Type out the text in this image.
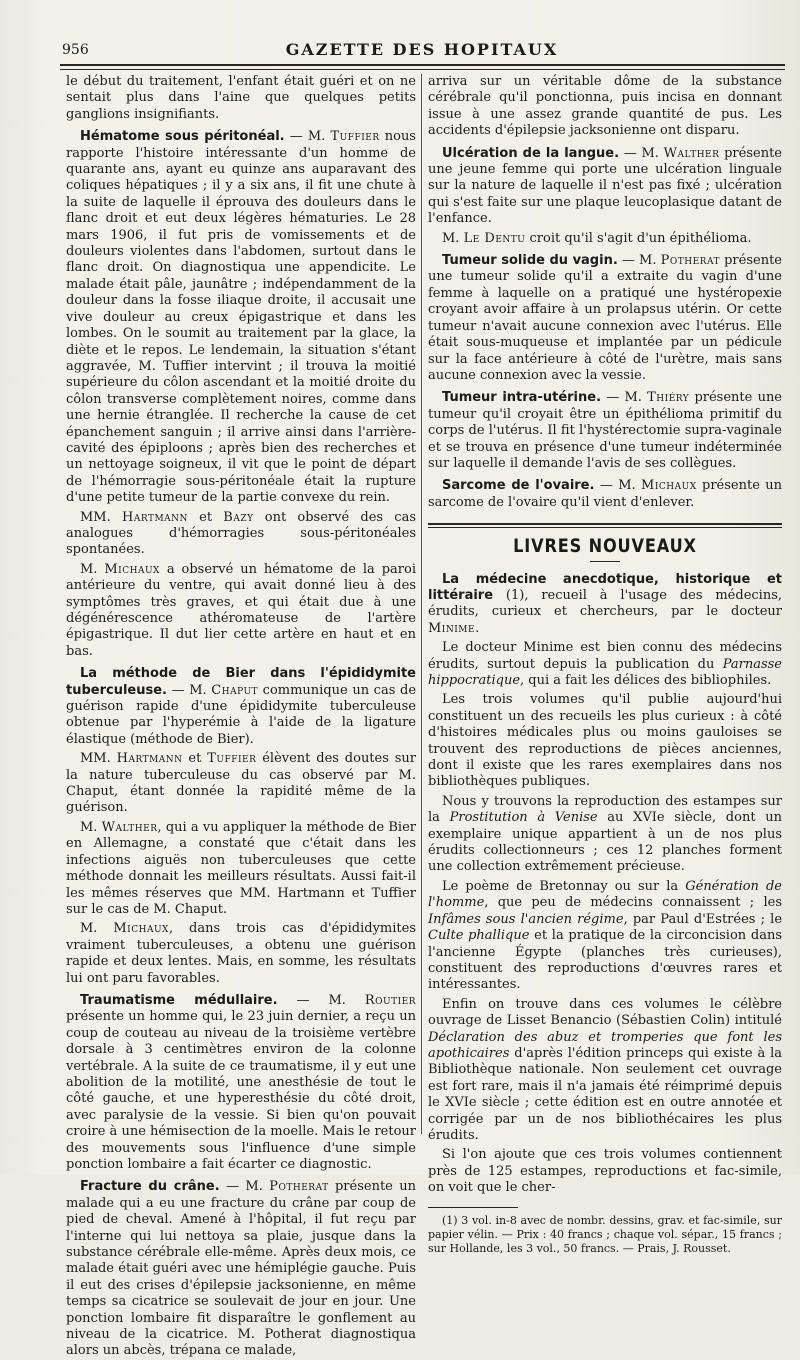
956	GAZETTE DES HOPITAUX

le début du traitement, l'enfant était guéri et on ne sentait plus dans l'aine que quelques petits ganglions insignifiants.

Hématome sous péritonéal. — M. Tuffier nous rapporte l'histoire intéressante d'un homme de quarante ans, ayant eu quinze ans auparavant des coliques hépatiques ; il y a six ans, il fit une chute à la suite de laquelle il éprouva des douleurs dans le flanc droit et eut deux légères hématuries. Le 28 mars 1906, il fut pris de vomissements et de douleurs violentes dans l'abdomen, surtout dans le flanc droit. On diagnostiqua une appendicite. Le malade était pâle, jaunâtre ; indépendamment de la douleur dans la fosse iliaque droite, il accusait une vive douleur au creux épigastrique et dans les lombes. On le soumit au traitement par la glace, la diète et le repos. Le lendemain, la situation s'étant aggravée, M. Tuffier intervint ; il trouva la moitié supérieure du côlon ascendant et la moitié droite du côlon transverse complètement noires, comme dans une hernie étranglée. Il recherche la cause de cet épanchement sanguin ; il arrive ainsi dans l'arrière-cavité des épiploons ; après bien des recherches et un nettoyage soigneux, il vit que le point de départ de l'hémorragie sous-péritonéale était la rupture d'une petite tumeur de la partie convexe du rein.

MM. Hartmann et Bazy ont observé des cas analogues d'hémorragies sous-péritonéales spontanées.

M. Michaux a observé un hématome de la paroi antérieure du ventre, qui avait donné lieu à des symptômes très graves, et qui était due à une dégénérescence athéromateuse de l'artère épigastrique. Il dut lier cette artère en haut et en bas.

La méthode de Bier dans l'épididymite tuberculeuse. — M. Chaput communique un cas de guérison rapide d'une épididymite tuberculeuse obtenue par l'hyperémie à l'aide de la ligature élastique (méthode de Bier).

MM. Hartmann et Tuffier élèvent des doutes sur la nature tuberculeuse du cas observé par M. Chaput, étant donnée la rapidité même de la guérison.

M. Walther, qui a vu appliquer la méthode de Bier en Allemagne, a constaté que c'était dans les infections aiguës non tuberculeuses que cette méthode donnait les meilleurs résultats. Aussi fait-il les mêmes réserves que MM. Hartmann et Tuffier sur le cas de M. Chaput.

M. Michaux, dans trois cas d'épididymites vraiment tuberculeuses, a obtenu une guérison rapide et deux lentes. Mais, en somme, les résultats lui ont paru favorables.

Traumatisme médullaire. — M. Routier présente un homme qui, le 23 juin dernier, a reçu un coup de couteau au niveau de la troisième vertèbre dorsale à 3 centimètres environ de la colonne vertébrale. A la suite de ce traumatisme, il y eut une abolition de la motilité, une anesthésie de tout le côté gauche, et une hyperesthésie du côté droit, avec paralysie de la vessie. Si bien qu'on pouvait croire à une hémisection de la moelle. Mais le retour des mouvements sous l'influence d'une simple ponction lombaire a fait écarter ce diagnostic.

Fracture du crâne. — M. Potherat présente un malade qui a eu une fracture du crâne par coup de pied de cheval. Amené à l'hôpital, il fut reçu par l'interne qui lui nettoya sa plaie, jusque dans la substance cérébrale elle-même. Après deux mois, ce malade était guéri avec une hémiplégie gauche. Puis il eut des crises d'épilepsie jacksonienne, en même temps sa cicatrice se soulevait de jour en jour. Une ponction lombaire fit disparaître le gonflement au niveau de la cicatrice. M. Potherat diagnostiqua alors un abcès, trépana ce malade,

arriva sur un véritable dôme de la substance cérébrale qu'il ponctionna, puis incisa en donnant issue à une assez grande quantité de pus. Les accidents d'épilepsie jacksonienne ont disparu.

Ulcération de la langue. — M. Walther présente une jeune femme qui porte une ulcération linguale sur la nature de laquelle il n'est pas fixé ; ulcération qui s'est faite sur une plaque leucoplasique datant de l'enfance.

M. Le Dentu croit qu'il s'agit d'un épithélioma.

Tumeur solide du vagin. — M. Potherat présente une tumeur solide qu'il a extraite du vagin d'une femme à laquelle on a pratiqué une hystéropexie croyant avoir affaire à un prolapsus utérin. Or cette tumeur n'avait aucune connexion avec l'utérus. Elle était sous-muqueuse et implantée par un pédicule sur la face antérieure à côté de l'urètre, mais sans aucune connexion avec la vessie.

Tumeur intra-utérine. — M. Thiéry présente une tumeur qu'il croyait être un épithélioma primitif du corps de l'utérus. Il fit l'hystérectomie supra-vaginale et se trouva en présence d'une tumeur indéterminée sur laquelle il demande l'avis de ses collègues.

Sarcome de l'ovaire. — M. Michaux présente un sarcome de l'ovaire qu'il vient d'enlever.

LIVRES NOUVEAUX

La médecine anecdotique, historique et littéraire (1), recueil à l'usage des médecins, érudits, curieux et chercheurs, par le docteur Minime.

Le docteur Minime est bien connu des médecins érudits, surtout depuis la publication du Parnasse hippocratique, qui a fait les délices des bibliophiles.

Les trois volumes qu'il publie aujourd'hui constituent un des recueils les plus curieux : à côté d'histoires médicales plus ou moins gauloises se trouvent des reproductions de pièces anciennes, dont il existe que les rares exemplaires dans nos bibliothèques publiques.

Nous y trouvons la reproduction des estampes sur la Prostitution à Venise au XVIe siècle, dont un exemplaire unique appartient à un de nos plus érudits collectionneurs ; ces 12 planches forment une collection extrêmement précieuse.

Le poème de Bretonnay ou sur la Génération de l'homme, que peu de médecins connaissent ; les Infâmes sous l'ancien régime, par Paul d'Estrées ; le Culte phallique et la pratique de la circoncision dans l'ancienne Égypte (planches très curieuses), constituent des reproductions d'œuvres rares et intéressantes.

Enfin on trouve dans ces volumes le célèbre ouvrage de Lisset Benancio (Sébastien Colin) intitulé Déclaration des abuz et tromperies que font les apothicaires d'après l'édition princeps qui existe à la Bibliothèque nationale. Non seulement cet ouvrage est fort rare, mais il n'a jamais été réimprimé depuis le XVIe siècle ; cette édition est en outre annotée et corrigée par un de nos bibliothécaires les plus érudits.

Si l'on ajoute que ces trois volumes contiennent près de 125 estampes, reproductions et fac-simile, on voit que le cher-

(1) 3 vol. in-8 avec de nombr. dessins, grav. et fac-simile, sur papier vélin. — Prix : 40 francs ; chaque vol. sépar., 15 francs ; sur Hollande, les 3 vol., 50 francs. — Prais, J. Rousset.
